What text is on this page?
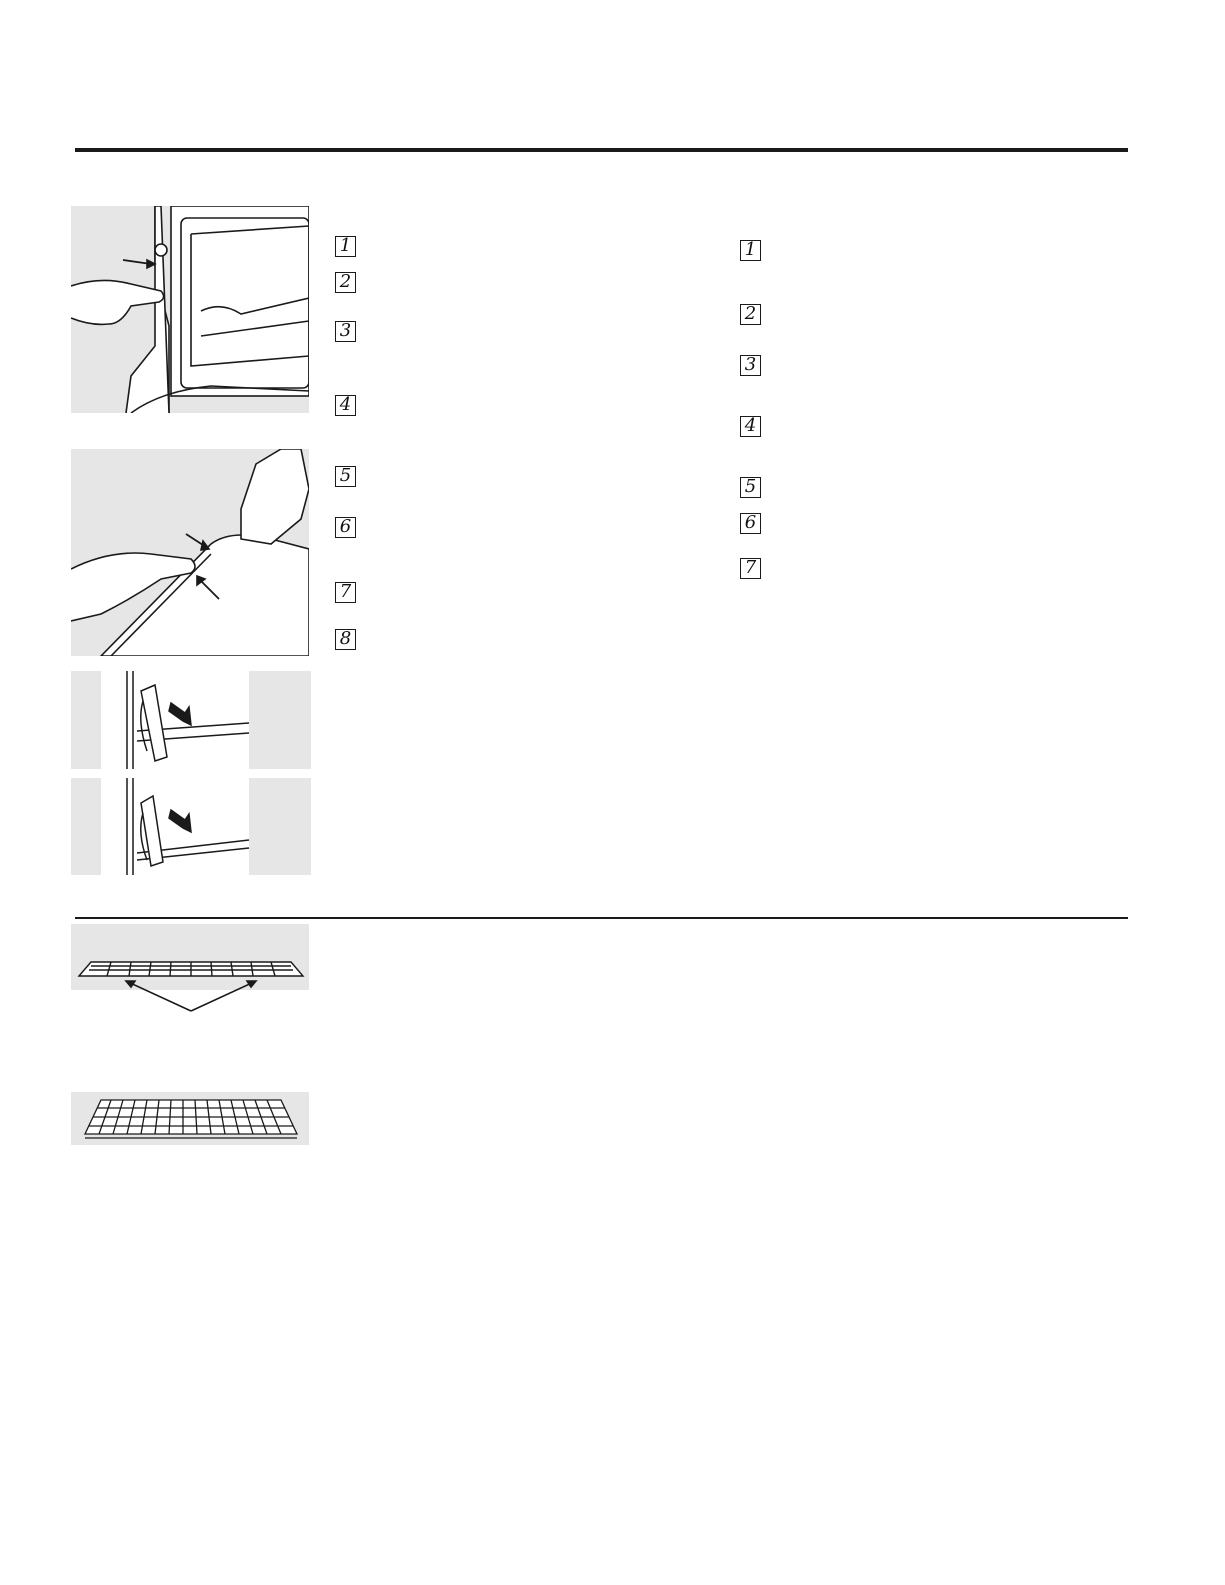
1
2
3
4
5
6
7
8
1
2
3
4
5
6
7
